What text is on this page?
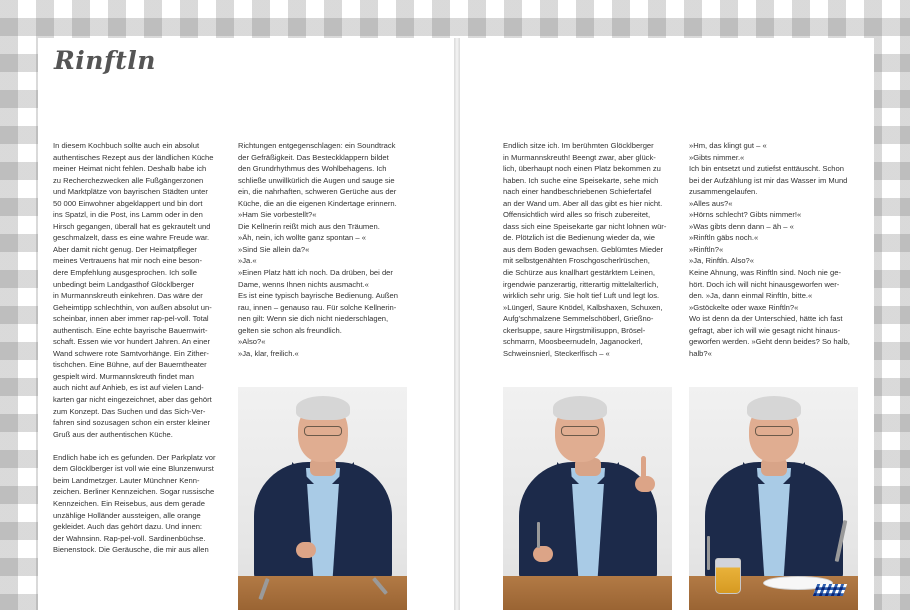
Rinftln

In diesem Kochbuch sollte auch ein absolut

authentisches Rezept aus der ländlichen Küche

meiner Heimat nicht fehlen. Deshalb habe ich

zu Recherchezwecken alle Fußgängerzonen

und Marktplätze von bayrischen Städten unter

50 000 Einwohner abgeklappert und bin dort

ins Spatzl, in die Post, ins Lamm oder in den

Hirsch gegangen, überall hat es gekrautelt und

geschmalzelt, dass es eine wahre Freude war.

Aber damit nicht genug. Der Heimatpfleger

meines Vertrauens hat mir noch eine beson-

dere Empfehlung ausgesprochen. Ich solle

unbedingt beim Landgasthof Glöcklberger

in Murmannskreuth einkehren. Das wäre der

Geheimtipp schlechthin, von außen absolut un-

scheinbar, innen aber immer rap-pel-voll. Total

authentisch. Eine echte bayrische Bauernwirt-

schaft. Essen wie vor hundert Jahren. An einer

Wand schwere rote Samtvorhänge. Ein Zither-

tischchen. Eine Bühne, auf der Bauerntheater

gespielt wird. Murmannskreuth findet man

auch nicht auf Anhieb, es ist auf vielen Land-

karten gar nicht eingezeichnet, aber das gehört

zum Konzept. Das Suchen und das Sich-Ver-

fahren sind sozusagen schon ein erster kleiner

Gruß aus der authentischen Küche.

Endlich habe ich es gefunden. Der Parkplatz vor

dem Glöcklberger ist voll wie eine Blunzenwurst

beim Landmetzger. Lauter Münchner Kenn-

zeichen. Berliner Kennzeichen. Sogar russische

Kennzeichen. Ein Reisebus, aus dem gerade

unzählige Holländer aussteigen, alle orange

gekleidet. Auch das gehört dazu. Und innen:

der Wahnsinn. Rap-pel-voll. Sardinenbüchse.

Bienenstock. Die Geräusche, die mir aus allen

Richtungen entgegenschlagen: ein Soundtrack

der Gefräßigkeit. Das Besteckklappern bildet

den Grundrhythmus des Wohlbehagens. Ich

schließe unwillkürlich die Augen und sauge sie

ein, die nahrhaften, schweren Gerüche aus der

Küche, die an die eigenen Kindertage erinnern.

»Ham Sie vorbestellt?«

Die Kellnerin reißt mich aus den Träumen.

»Äh, nein, ich wollte ganz spontan – «

»Sind Sie allein da?«

»Ja.«

»Einen Platz hätt ich noch. Da drüben, bei der

Dame, wenns Ihnen nichts ausmacht.«

Es ist eine typisch bayrische Bedienung. Außen

rau, innen – genauso rau. Für solche Kellnerin-

nen gilt: Wenn sie dich nicht niederschlagen,

gelten sie schon als freundlich.

»Also?«

»Ja, klar, freilich.«

Endlich sitze ich. Im berühmten Glöcklberger

in Murmannskreuth! Beengt zwar, aber glück-

lich, überhaupt noch einen Platz bekommen zu

haben. Ich suche eine Speisekarte, sehe mich

nach einer handbeschriebenen Schiefertafel

an der Wand um. Aber all das gibt es hier nicht.

Offensichtlich wird alles so frisch zubereitet,

dass sich eine Speisekarte gar nicht lohnen wür-

de. Plötzlich ist die Bedienung wieder da, wie

aus dem Boden gewachsen. Geblümtes Mieder

mit selbstgenähten Froschgoscherlrüschen,

die Schürze aus knallhart gestärktem Leinen,

irgendwie panzerartig, ritterartig mittelalterlich,

wirklich sehr urig. Sie holt tief Luft und legt los.

»Lüngerl, Saure Knödel, Kalbshaxen, Schuxen,

Aufg'schmalzene Semmelschöberl, Grießno-

ckerlsuppe, saure Hirgstmilisuppn, Brösel-

schmarrn, Moosbeernudeln, Jaganockerl,

Schweinsnierl, Steckerlfisch – «

»Hm, das klingt gut – «

»Gibts nimmer.«

Ich bin entsetzt und zutiefst enttäuscht. Schon

bei der Aufzählung ist mir das Wasser im Mund

zusammengelaufen.

»Alles aus?«

»Hörns schlecht? Gibts nimmer!«

»Was gibts denn dann – äh – «

»Rinftln gäbs noch.«

»Rinftln?«

»Ja, Rinftln. Also?«

Keine Ahnung, was Rinftln sind. Noch nie ge-

hört. Doch ich will nicht hinausgeworfen wer-

den. »Ja, dann einmal Rinftln, bitte.«

»Gstöckelte oder waxe Rinftln?«

Wo ist denn da der Unterschied, hätte ich fast

gefragt, aber ich will wie gesagt nicht hinaus-

geworfen werden. »Geht denn beides? So halb,

halb?«
